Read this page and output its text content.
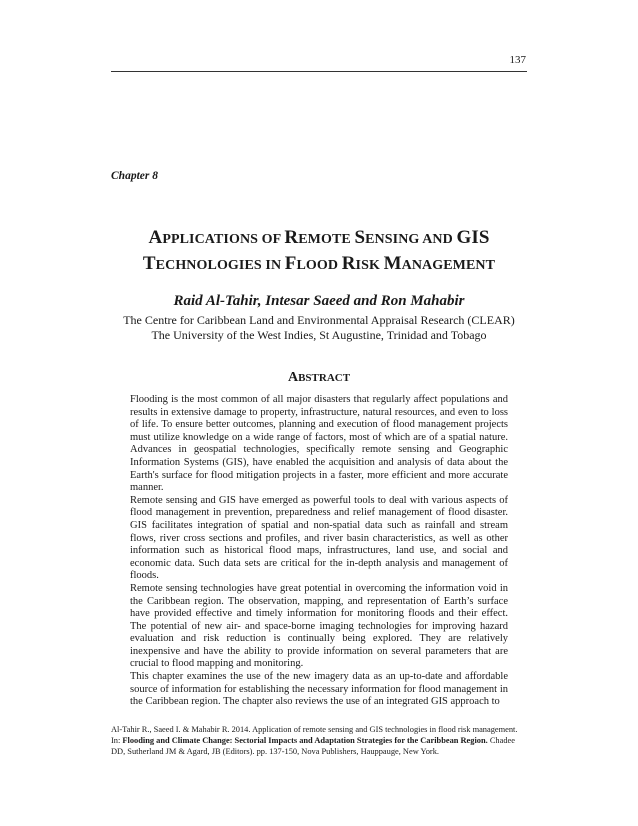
137
Chapter 8
APPLICATIONS OF REMOTE SENSING AND GIS
TECHNOLOGIES IN FLOOD RISK MANAGEMENT
Raid Al-Tahir, Intesar Saeed and Ron Mahabir
The Centre for Caribbean Land and Environmental Appraisal Research (CLEAR)
The University of the West Indies, St Augustine, Trinidad and Tobago
ABSTRACT

Flooding is the most common of all major disasters that regularly affect populations and results in extensive damage to property, infrastructure, natural resources, and even to loss of life. To ensure better outcomes, planning and execution of flood management projects must utilize knowledge on a wide range of factors, most of which are of a spatial nature. Advances in geospatial technologies, specifically remote sensing and Geographic Information Systems (GIS), have enabled the acquisition and analysis of data about the Earth's surface for flood mitigation projects in a faster, more efficient and more accurate manner.

Remote sensing and GIS have emerged as powerful tools to deal with various aspects of flood management in prevention, preparedness and relief management of flood disaster. GIS facilitates integration of spatial and non-spatial data such as rainfall and stream flows, river cross sections and profiles, and river basin characteristics, as well as other information such as historical flood maps, infrastructures, land use, and social and economic data. Such data sets are critical for the in-depth analysis and management of floods.

Remote sensing technologies have great potential in overcoming the information void in the Caribbean region. The observation, mapping, and representation of Earth’s surface have provided effective and timely information for monitoring floods and their effect. The potential of new air- and space-borne imaging technologies for improving hazard evaluation and risk reduction is continually being explored. They are relatively inexpensive and have the ability to provide information on several parameters that are crucial to flood mapping and monitoring.

This chapter examines the use of the new imagery data as an up-to-date and affordable source of information for establishing the necessary information for flood management in the Caribbean region. The chapter also reviews the use of an integrated GIS approach to

Al-Tahir R., Saeed I. & Mahabir R. 2014. Application of remote sensing and GIS technologies in flood risk management.
In: Flooding and Climate Change: Sectorial Impacts and Adaptation Strategies for the Caribbean Region. Chadee
DD, Sutherland JM & Agard, JB (Editors). pp. 137-150, Nova Publishers, Hauppauge, New York.
